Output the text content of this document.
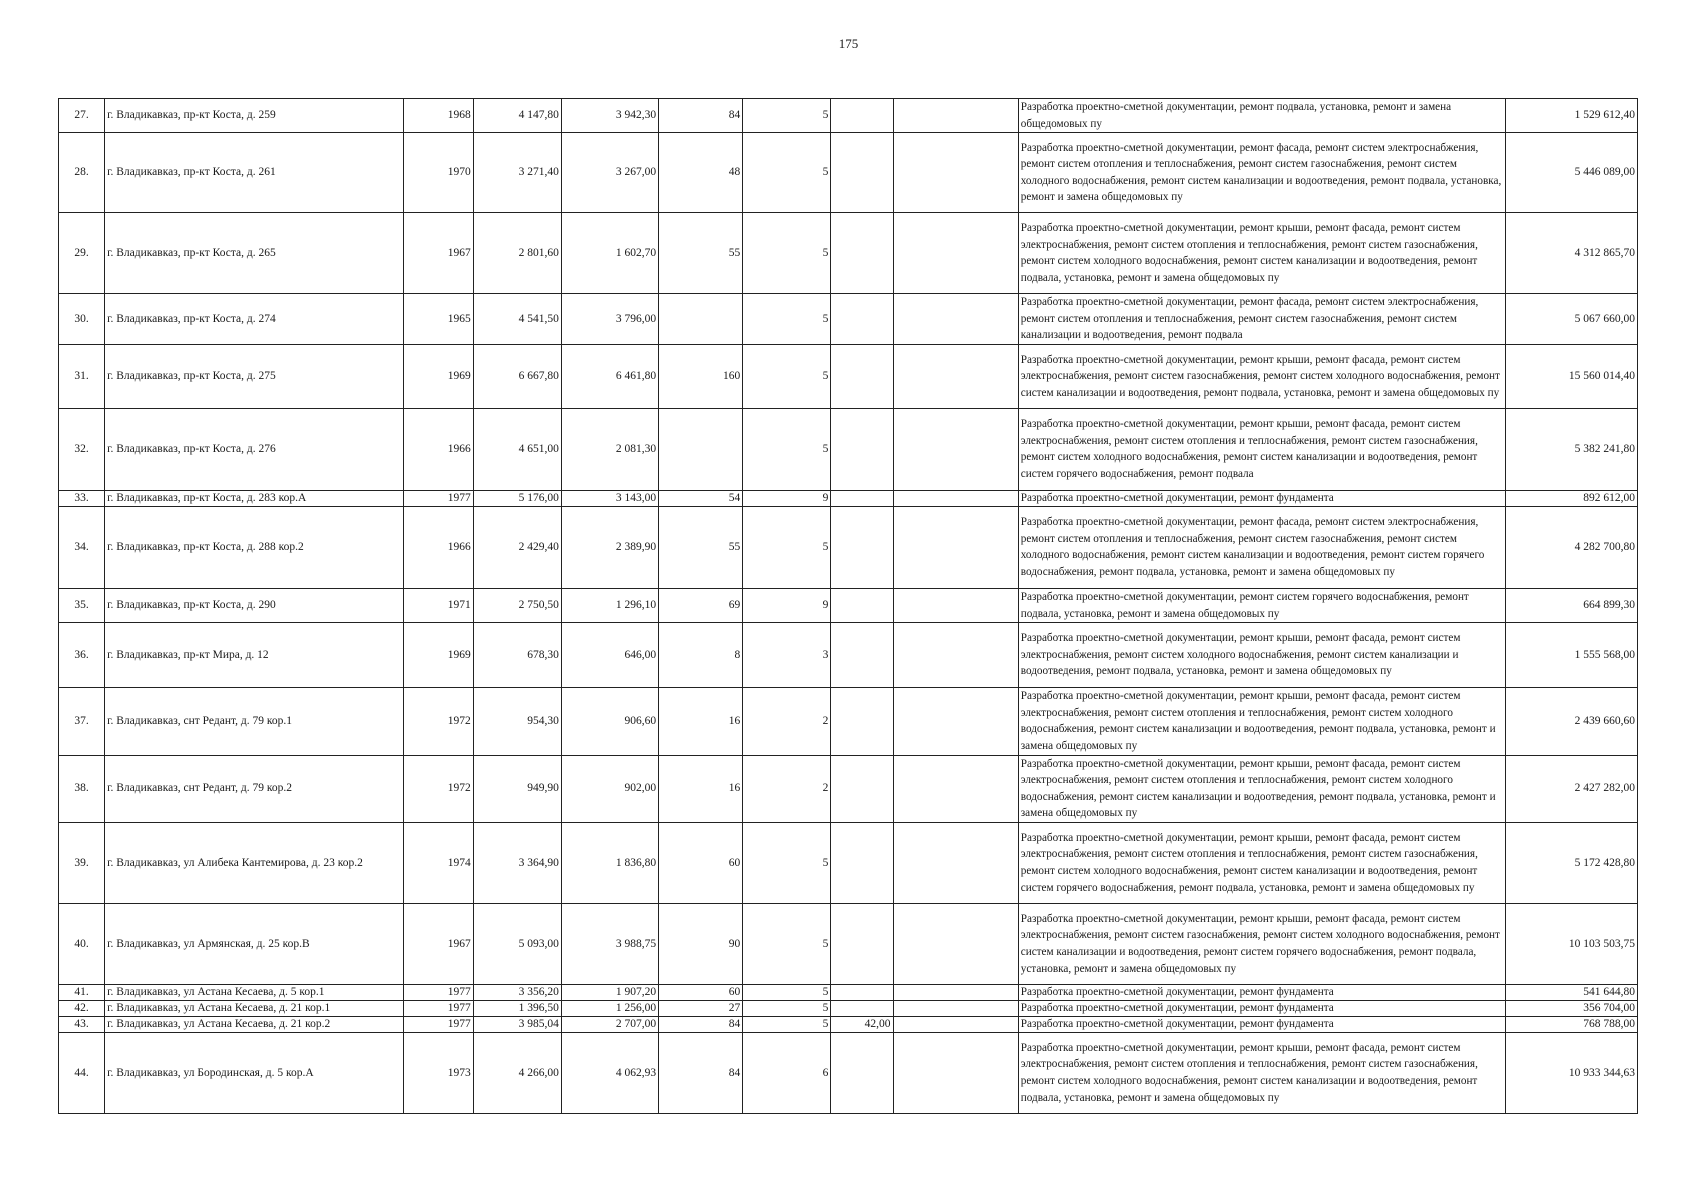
175
27.	г. Владикавказ, пр-кт Коста, д. 259	1968	4 147,80	3 942,30	84	5			Разработка проектно-сметной документации, ремонт подвала, установка, ремонт и замена общедомовых пу	1 529 612,40
28.	г. Владикавказ, пр-кт Коста, д. 261	1970	3 271,40	3 267,00	48	5			Разработка проектно-сметной документации, ремонт фасада, ремонт систем электроснабжения, ремонт систем отопления и теплоснабжения, ремонт систем газоснабжения, ремонт систем холодного водоснабжения, ремонт систем канализации и водоотведения, ремонт подвала, установка, ремонт и замена общедомовых пу	5 446 089,00
29.	г. Владикавказ, пр-кт Коста, д. 265	1967	2 801,60	1 602,70	55	5			Разработка проектно-сметной документации, ремонт крыши, ремонт фасада, ремонт систем электроснабжения, ремонт систем отопления и теплоснабжения, ремонт систем газоснабжения, ремонт систем холодного водоснабжения, ремонт систем канализации и водоотведения, ремонт подвала, установка, ремонт и замена общедомовых пу	4 312 865,70
30.	г. Владикавказ, пр-кт Коста, д. 274	1965	4 541,50	3 796,00		5			Разработка проектно-сметной документации, ремонт фасада, ремонт систем электроснабжения, ремонт систем отопления и теплоснабжения, ремонт систем газоснабжения, ремонт систем канализации и водоотведения, ремонт подвала	5 067 660,00
31.	г. Владикавказ, пр-кт Коста, д. 275	1969	6 667,80	6 461,80	160	5			Разработка проектно-сметной документации, ремонт крыши, ремонт фасада, ремонт систем электроснабжения, ремонт систем газоснабжения, ремонт систем холодного водоснабжения, ремонт систем канализации и водоотведения, ремонт подвала, установка, ремонт и замена общедомовых пу	15 560 014,40
32.	г. Владикавказ, пр-кт Коста, д. 276	1966	4 651,00	2 081,30		5			Разработка проектно-сметной документации, ремонт крыши, ремонт фасада, ремонт систем электроснабжения, ремонт систем отопления и теплоснабжения, ремонт систем газоснабжения, ремонт систем холодного водоснабжения, ремонт систем канализации и водоотведения, ремонт систем горячего водоснабжения, ремонт подвала	5 382 241,80
33.	г. Владикавказ, пр-кт Коста, д. 283 кор.А	1977	5 176,00	3 143,00	54	9			Разработка проектно-сметной документации, ремонт фундамента	892 612,00
34.	г. Владикавказ, пр-кт Коста, д. 288 кор.2	1966	2 429,40	2 389,90	55	5			Разработка проектно-сметной документации, ремонт фасада, ремонт систем электроснабжения, ремонт систем отопления и теплоснабжения, ремонт систем газоснабжения, ремонт систем холодного водоснабжения, ремонт систем канализации и водоотведения, ремонт систем горячего водоснабжения, ремонт подвала, установка, ремонт и замена общедомовых пу	4 282 700,80
35.	г. Владикавказ, пр-кт Коста, д. 290	1971	2 750,50	1 296,10	69	9			Разработка проектно-сметной документации, ремонт систем горячего водоснабжения, ремонт подвала, установка, ремонт и замена общедомовых пу	664 899,30
36.	г. Владикавказ, пр-кт Мира, д. 12	1969	678,30	646,00	8	3			Разработка проектно-сметной документации, ремонт крыши, ремонт фасада, ремонт систем электроснабжения, ремонт систем холодного водоснабжения, ремонт систем канализации и водоотведения, ремонт подвала, установка, ремонт и замена общедомовых пу	1 555 568,00
37.	г. Владикавказ, снт Редант, д. 79 кор.1	1972	954,30	906,60	16	2			Разработка проектно-сметной документации, ремонт крыши, ремонт фасада, ремонт систем электроснабжения, ремонт систем отопления и теплоснабжения, ремонт систем холодного водоснабжения, ремонт систем канализации и водоотведения, ремонт подвала, установка, ремонт и замена общедомовых пу	2 439 660,60
38.	г. Владикавказ, снт Редант, д. 79 кор.2	1972	949,90	902,00	16	2			Разработка проектно-сметной документации, ремонт крыши, ремонт фасада, ремонт систем электроснабжения, ремонт систем отопления и теплоснабжения, ремонт систем холодного водоснабжения, ремонт систем канализации и водоотведения, ремонт подвала, установка, ремонт и замена общедомовых пу	2 427 282,00
39.	г. Владикавказ, ул Алибека Кантемирова, д. 23 кор.2	1974	3 364,90	1 836,80	60	5			Разработка проектно-сметной документации, ремонт крыши, ремонт фасада, ремонт систем электроснабжения, ремонт систем отопления и теплоснабжения, ремонт систем газоснабжения, ремонт систем холодного водоснабжения, ремонт систем канализации и водоотведения, ремонт систем горячего водоснабжения, ремонт подвала, установка, ремонт и замена общедомовых пу	5 172 428,80
40.	г. Владикавказ, ул Армянская, д. 25 кор.В	1967	5 093,00	3 988,75	90	5			Разработка проектно-сметной документации, ремонт крыши, ремонт фасада, ремонт систем электроснабжения, ремонт систем газоснабжения, ремонт систем холодного водоснабжения, ремонт систем канализации и водоотведения, ремонт систем горячего водоснабжения, ремонт подвала, установка, ремонт и замена общедомовых пу	10 103 503,75
41.	г. Владикавказ, ул Астана Кесаева, д. 5 кор.1	1977	3 356,20	1 907,20	60	5			Разработка проектно-сметной документации, ремонт фундамента	541 644,80
42.	г. Владикавказ, ул Астана Кесаева, д. 21 кор.1	1977	1 396,50	1 256,00	27	5			Разработка проектно-сметной документации, ремонт фундамента	356 704,00
43.	г. Владикавказ, ул Астана Кесаева, д. 21 кор.2	1977	3 985,04	2 707,00	84	5	42,00		Разработка проектно-сметной документации, ремонт фундамента	768 788,00
44.	г. Владикавказ, ул Бородинская, д. 5 кор.А	1973	4 266,00	4 062,93	84	6			Разработка проектно-сметной документации, ремонт крыши, ремонт фасада, ремонт систем электроснабжения, ремонт систем отопления и теплоснабжения, ремонт систем газоснабжения, ремонт систем холодного водоснабжения, ремонт систем канализации и водоотведения, ремонт подвала, установка, ремонт и замена общедомовых пу	10 933 344,63
